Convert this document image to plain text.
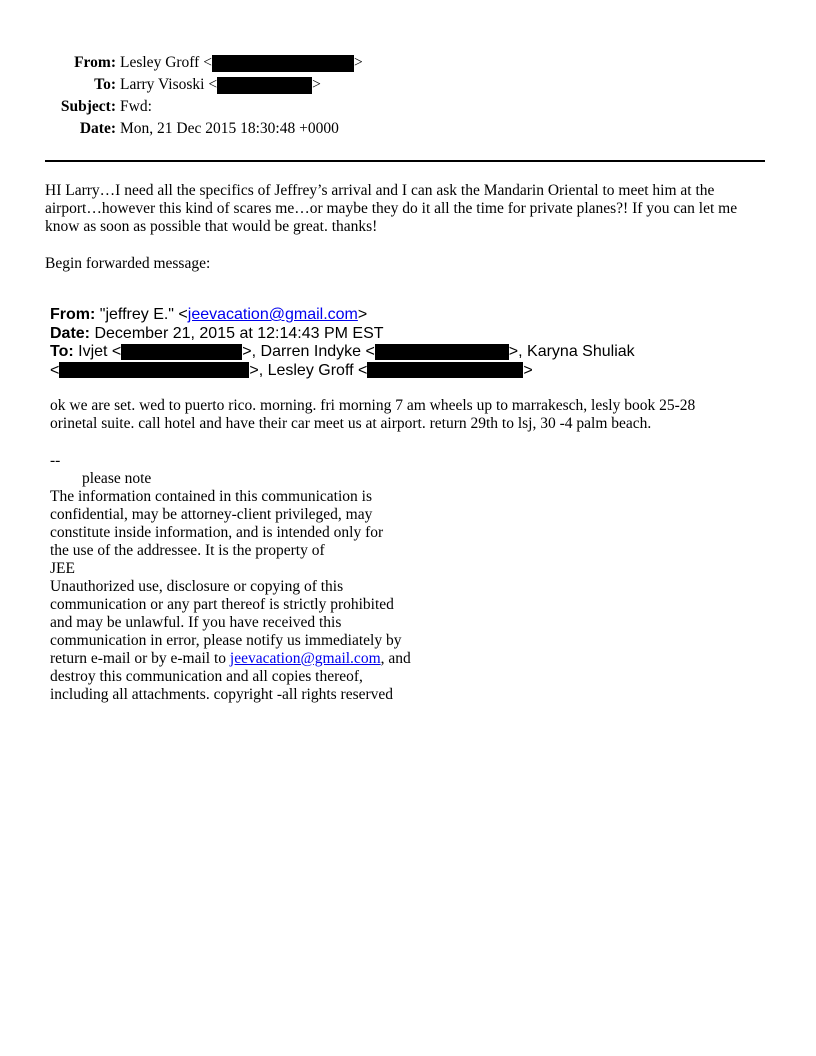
From: Lesley Groff <	>
To: Larry Visoski <	>
Subject: Fwd:
Date: Mon, 21 Dec 2015 18:30:48 +0000
HI Larry…I need all the specifics of Jeffrey’s arrival and I can ask the Mandarin Oriental to meet him at the
airport…however this kind of scares me…or maybe they do it all the time for private planes?! If you can let me
know as soon as possible that would be great. thanks!
Begin forwarded message:
From: "jeffrey E." <jeevacation@gmail.com>
Date: December 21, 2015 at 12:14:43 PM EST
To: Ivjet <	>, Darren Indyke <	>, Karyna Shuliak
<	>, Lesley Groff <	>
ok we are set. wed to puerto rico. morning. fri morning 7 am wheels up to marrakesch, lesly book 25-28
orinetal suite. call hotel and have their car meet us at airport. return 29th to lsj, 30 -4 palm beach.
--
please note
The information contained in this communication is
confidential, may be attorney-client privileged, may
constitute inside information, and is intended only for
the use of the addressee. It is the property of
JEE
Unauthorized use, disclosure or copying of this
communication or any part thereof is strictly prohibited
and may be unlawful. If you have received this
communication in error, please notify us immediately by
return e-mail or by e-mail to jeevacation@gmail.com, and
destroy this communication and all copies thereof,
including all attachments. copyright -all rights reserved
